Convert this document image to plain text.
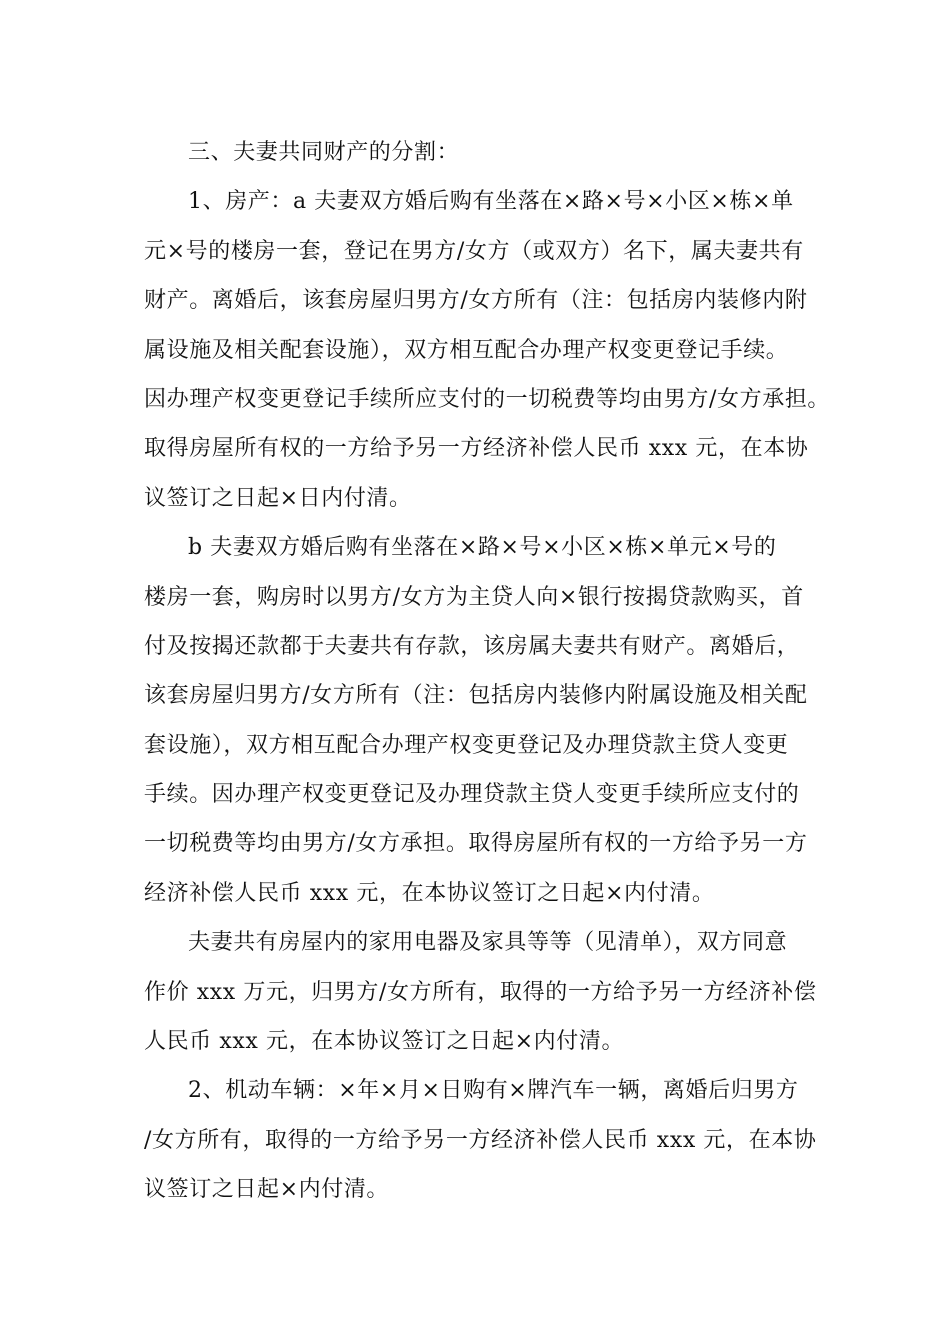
三、夫妻共同财产的分割：
1、房产：a 夫妻双方婚后购有坐落在×路×号×小区×栋×单
元×号的楼房一套，登记在男方/女方（或双方）名下，属夫妻共有
财产。离婚后，该套房屋归男方/女方所有（注：包括房内装修内附
属设施及相关配套设施），双方相互配合办理产权变更登记手续。
因办理产权变更登记手续所应支付的一切税费等均由男方/女方承担。
取得房屋所有权的一方给予另一方经济补偿人民币 xxx 元，在本协
议签订之日起×日内付清。
b 夫妻双方婚后购有坐落在×路×号×小区×栋×单元×号的
楼房一套，购房时以男方/女方为主贷人向×银行按揭贷款购买，首
付及按揭还款都于夫妻共有存款，该房属夫妻共有财产。离婚后，
该套房屋归男方/女方所有（注：包括房内装修内附属设施及相关配
套设施），双方相互配合办理产权变更登记及办理贷款主贷人变更
手续。因办理产权变更登记及办理贷款主贷人变更手续所应支付的
一切税费等均由男方/女方承担。取得房屋所有权的一方给予另一方
经济补偿人民币 xxx 元，在本协议签订之日起×内付清。
夫妻共有房屋内的家用电器及家具等等（见清单），双方同意
作价 xxx 万元，归男方/女方所有，取得的一方给予另一方经济补偿
人民币 xxx 元，在本协议签订之日起×内付清。
2、机动车辆：×年×月×日购有×牌汽车一辆，离婚后归男方
/女方所有，取得的一方给予另一方经济补偿人民币 xxx 元，在本协
议签订之日起×内付清。
